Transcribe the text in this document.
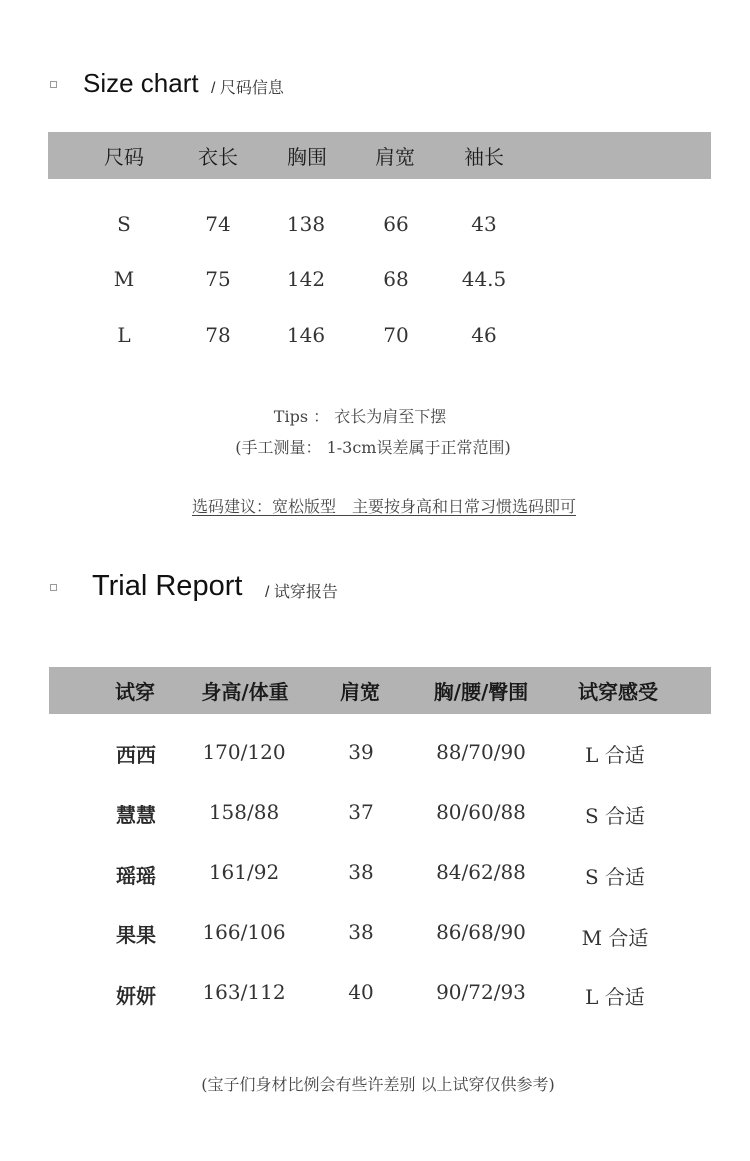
Size chart / 尺码信息
尺码	衣长	胸围	肩宽	袖长
S	74	138	66	43
M	75	142	68	44.5
L	78	146	70	46
Tips ： 衣长为肩至下摆
(手工测量： 1-3cm误差属于正常范围)
选码建议：宽松版型　主要按身高和日常习惯选码即可
Trial Report / 试穿报告
试穿	身高/体重	肩宽	胸/腰/臀围	试穿感受
西西	170/120	39	88/70/90	L 合适
慧慧	158/88	37	80/60/88	S 合适
瑶瑶	161/92	38	84/62/88	S 合适
果果	166/106	38	86/68/90	M 合适
妍妍	163/112	40	90/72/93	L 合适
(宝子们身材比例会有些许差别 以上试穿仅供参考)
